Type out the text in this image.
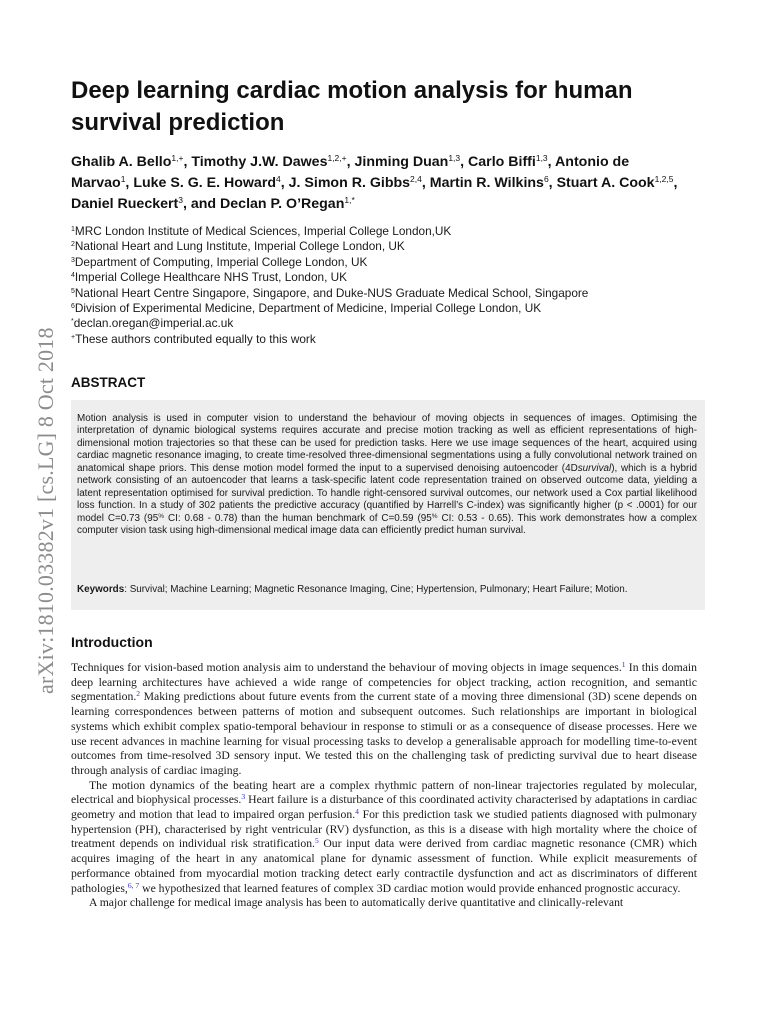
arXiv:1810.03382v1 [cs.LG] 8 Oct 2018
Deep learning cardiac motion analysis for human survival prediction
Ghalib A. Bello$^{1,+}$, Timothy J.W. Dawes$^{1,2,+}$, Jinming Duan$^{1,3}$, Carlo Biffi$^{1,3}$, Antonio de Marvao$^1$, Luke S. G. E. Howard$^4$, J. Simon R. Gibbs$^{2,4}$, Martin R. Wilkins$^6$, Stuart A. Cook$^{1,2,5}$, Daniel Rueckert$^3$, and Declan P. O’Regan$^{1,*}$
$^1$MRC London Institute of Medical Sciences, Imperial College London,UK
$^2$National Heart and Lung Institute, Imperial College London, UK
$^3$Department of Computing, Imperial College London, UK
$^4$Imperial College Healthcare NHS Trust, London, UK
$^5$National Heart Centre Singapore, Singapore, and Duke-NUS Graduate Medical School, Singapore
$^6$Division of Experimental Medicine, Department of Medicine, Imperial College London, UK
*declan.oregan@imperial.ac.uk
+These authors contributed equally to this work
ABSTRACT
Motion analysis is used in computer vision to understand the behaviour of moving objects in sequences of images. Optimising the interpretation of dynamic biological systems requires accurate and precise motion tracking as well as efficient representations of high-dimensional motion trajectories so that these can be used for prediction tasks. Here we use image sequences of the heart, acquired using cardiac magnetic resonance imaging, to create time-resolved three-dimensional segmentations using a fully convolutional network trained on anatomical shape priors. This dense motion model formed the input to a supervised denoising autoencoder (4Dsurvival), which is a hybrid network consisting of an autoencoder that learns a task-specific latent code representation trained on observed outcome data, yielding a latent representation optimised for survival prediction. To handle right-censored survival outcomes, our network used a Cox partial likelihood loss function. In a study of 302 patients the predictive accuracy (quantified by Harrell’s C-index) was significantly higher (p < .0001) for our model C=0.73 (95% CI: 0.68 - 0.78) than the human benchmark of C=0.59 (95% CI: 0.53 - 0.65). This work demonstrates how a complex computer vision task using high-dimensional medical image data can efficiently predict human survival.
Keywords: Survival; Machine Learning; Magnetic Resonance Imaging, Cine; Hypertension, Pulmonary; Heart Failure; Motion.
Introduction

Techniques for vision-based motion analysis aim to understand the behaviour of moving objects in image sequences.$^1$ In this domain deep learning architectures have achieved a wide range of competencies for object tracking, action recognition, and semantic segmentation.$^2$ Making predictions about future events from the current state of a moving three dimensional (3D) scene depends on learning correspondences between patterns of motion and subsequent outcomes. Such relationships are important in biological systems which exhibit complex spatio-temporal behaviour in response to stimuli or as a consequence of disease processes. Here we use recent advances in machine learning for visual processing tasks to develop a generalisable approach for modelling time-to-event outcomes from time-resolved 3D sensory input. We tested this on the challenging task of predicting survival due to heart disease through analysis of cardiac imaging.

The motion dynamics of the beating heart are a complex rhythmic pattern of non-linear trajectories regulated by molecular, electrical and biophysical processes.$^3$ Heart failure is a disturbance of this coordinated activity characterised by adaptations in cardiac geometry and motion that lead to impaired organ perfusion.$^4$ For this prediction task we studied patients diagnosed with pulmonary hypertension (PH), characterised by right ventricular (RV) dysfunction, as this is a disease with high mortality where the choice of treatment depends on individual risk stratification.$^5$ Our input data were derived from cardiac magnetic resonance (CMR) which acquires imaging of the heart in any anatomical plane for dynamic assessment of function. While explicit measurements of performance obtained from myocardial motion tracking detect early contractile dysfunction and act as discriminators of different pathologies,$^{6, 7}$ we hypothesized that learned features of complex 3D cardiac motion would provide enhanced prognostic accuracy.

A major challenge for medical image analysis has been to automatically derive quantitative and clinically-relevant
